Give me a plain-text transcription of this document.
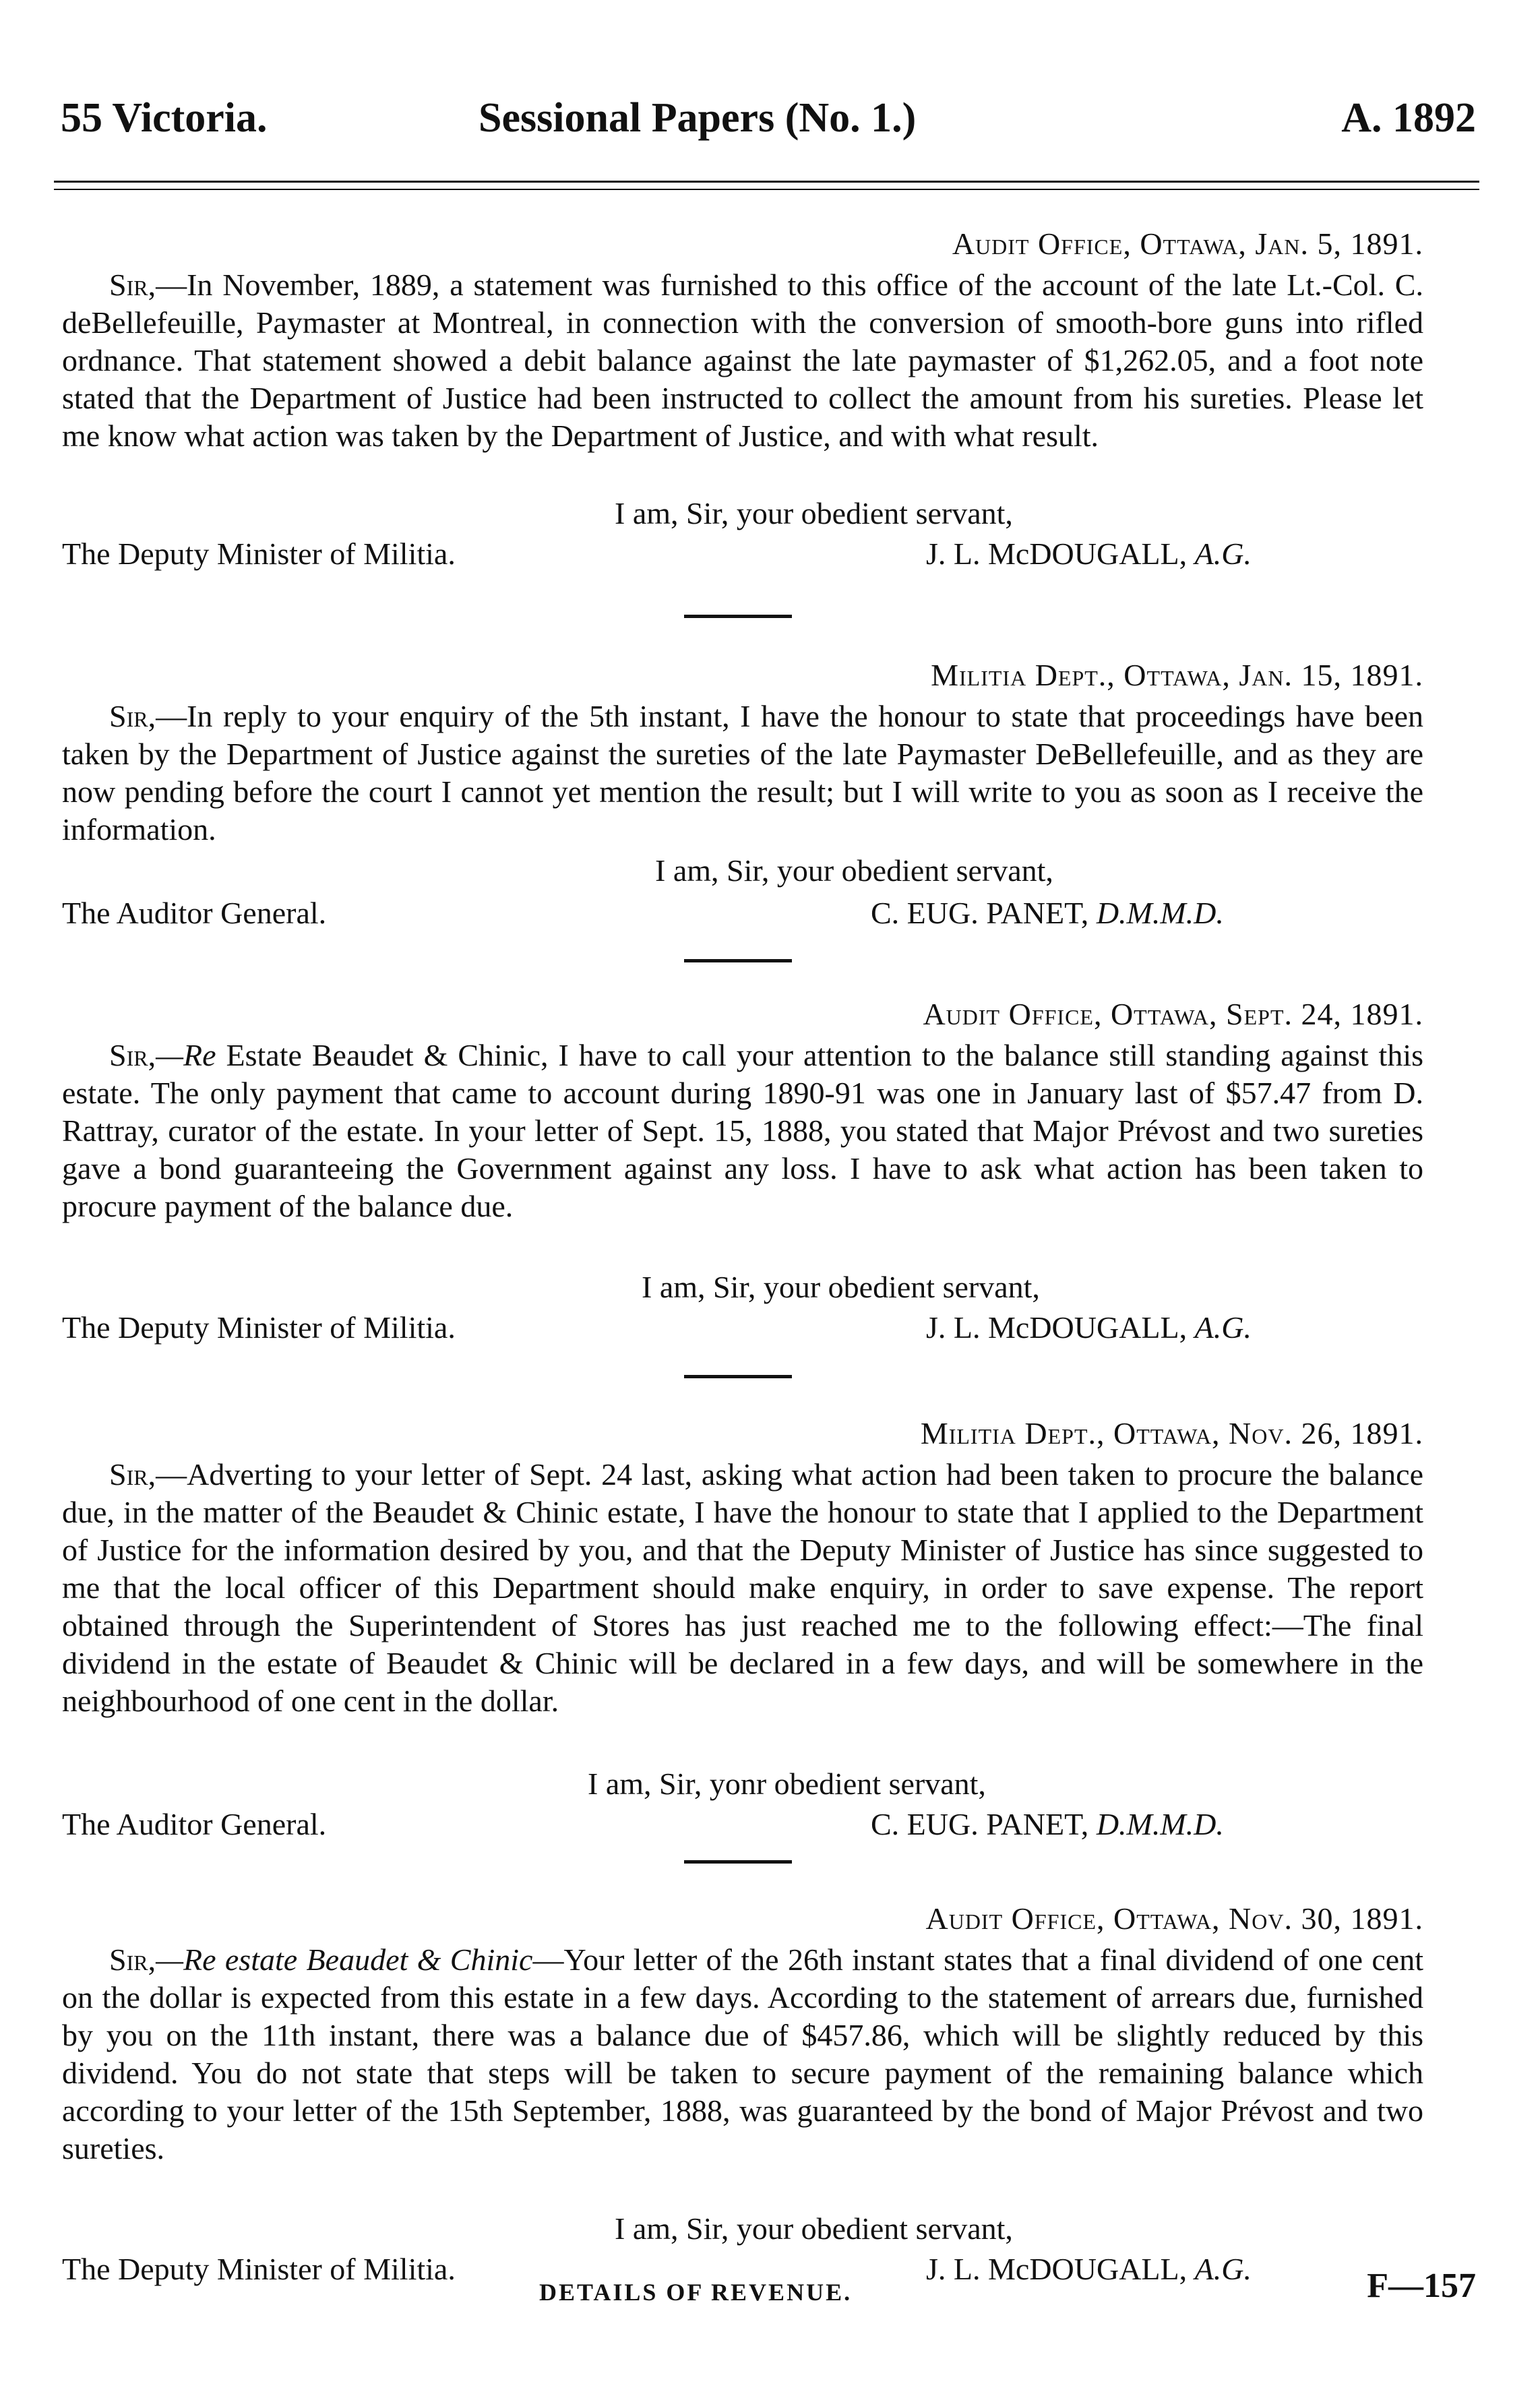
55 Victoria.	Sessional Papers (No. 1.)	A. 1892
Audit Office, Ottawa, Jan. 5, 1891.
Sir,—In November, 1889, a statement was furnished to this office of the account of the late Lt.-Col. C. deBellefeuille, Paymaster at Montreal, in connection with the conversion of smooth-bore guns into rifled ordnance. That statement showed a debit balance against the late paymaster of $1,262.05, and a foot note stated that the Department of Justice had been instructed to collect the amount from his sureties. Please let me know what action was taken by the Department of Justice, and with what result.
I am, Sir, your obedient servant,
The Deputy Minister of Militia.	J. L. McDOUGALL, A.G.
Militia Dept., Ottawa, Jan. 15, 1891.
Sir,—In reply to your enquiry of the 5th instant, I have the honour to state that proceedings have been taken by the Department of Justice against the sureties of the late Paymaster DeBellefeuille, and as they are now pending before the court I cannot yet mention the result; but I will write to you as soon as I receive the information.
I am, Sir, your obedient servant,
The Auditor General.	C. EUG. PANET, D.M.M.D.
Audit Office, Ottawa, Sept. 24, 1891.
Sir,—Re Estate Beaudet & Chinic, I have to call your attention to the balance still standing against this estate. The only payment that came to account during 1890-91 was one in January last of $57.47 from D. Rattray, curator of the estate. In your letter of Sept. 15, 1888, you stated that Major Prévost and two sureties gave a bond guaranteeing the Government against any loss. I have to ask what action has been taken to procure payment of the balance due.
I am, Sir, your obedient servant,
The Deputy Minister of Militia.	J. L. McDOUGALL, A.G.
Militia Dept., Ottawa, Nov. 26, 1891.
Sir,—Adverting to your letter of Sept. 24 last, asking what action had been taken to procure the balance due, in the matter of the Beaudet & Chinic estate, I have the honour to state that I applied to the Department of Justice for the information desired by you, and that the Deputy Minister of Justice has since suggested to me that the local officer of this Department should make enquiry, in order to save expense. The report obtained through the Superintendent of Stores has just reached me to the following effect:—The final dividend in the estate of Beaudet & Chinic will be declared in a few days, and will be somewhere in the neighbourhood of one cent in the dollar.
I am, Sir, yonr obedient servant,
The Auditor General.	C. EUG. PANET, D.M.M.D.
Audit Office, Ottawa, Nov. 30, 1891.
Sir,—Re estate Beaudet & Chinic—Your letter of the 26th instant states that a final dividend of one cent on the dollar is expected from this estate in a few days. According to the statement of arrears due, furnished by you on the 11th instant, there was a balance due of $457.86, which will be slightly reduced by this dividend. You do not state that steps will be taken to secure payment of the remaining balance which according to your letter of the 15th September, 1888, was guaranteed by the bond of Major Prévost and two sureties.
I am, Sir, your obedient servant,
The Deputy Minister of Militia.	J. L. McDOUGALL, A.G.
DETAILS OF REVENUE.	F—157
